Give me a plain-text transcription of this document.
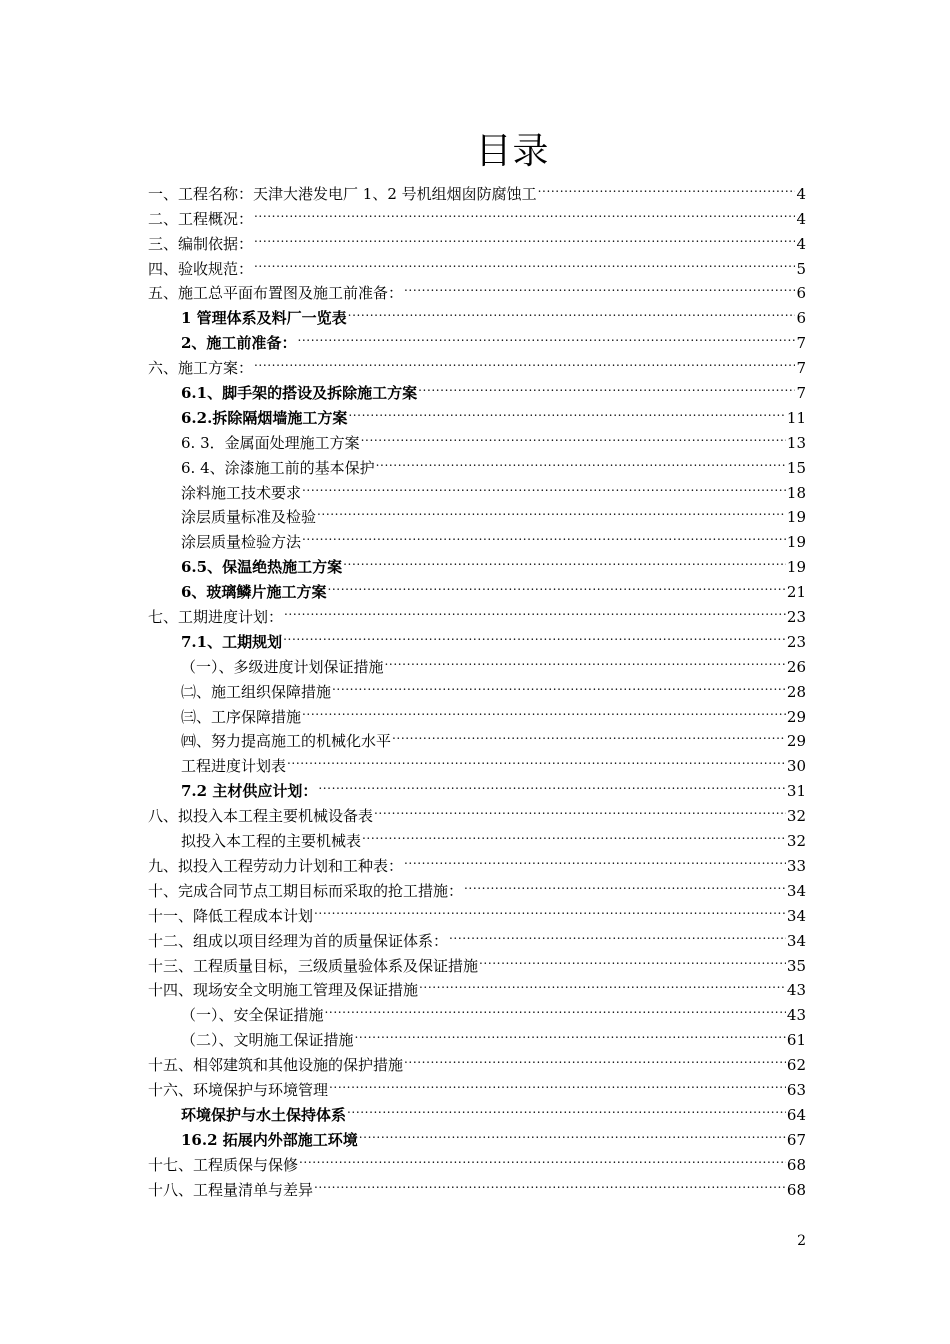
目录
一、工程名称：天津大港发电厂 1、2 号机组烟囱防腐蚀工 .....	4
二、工程概况： .....	4
三、编制依据： .....	4
四、验收规范： .....	5
五、施工总平面布置图及施工前准备： .....	6
1 管理体系及料厂一览表 .....	6
2、施工前准备： .....	7
六、施工方案： .....	7
6.1、脚手架的搭设及拆除施工方案 .....	7
6.2.拆除隔烟墙施工方案 .....	11
6. 3．金属面处理施工方案 .....	13
6. 4、涂漆施工前的基本保护 .....	15
涂料施工技术要求 .....	18
涂层质量标准及检验 .....	19
涂层质量检验方法 .....	19
6.5、保温绝热施工方案 .....	19
6、玻璃鳞片施工方案 .....	21
七、工期进度计划： .....	23
7.1、工期规划 .....	23
（一）、多级进度计划保证措施 .....	26
㈡、施工组织保障措施 .....	28
㈢、工序保障措施 .....	29
㈣、努力提高施工的机械化水平 .....	29
工程进度计划表 .....	30
7.2 主材供应计划： .....	31
八、拟投入本工程主要机械设备表 .....	32
拟投入本工程的主要机械表 .....	32
九、拟投入工程劳动力计划和工种表： .....	33
十、完成合同节点工期目标而采取的抢工措施： .....	34
十一、降低工程成本计划 .....	34
十二、组成以项目经理为首的质量保证体系： .....	34
十三、工程质量目标，三级质量验体系及保证措施 .....	35
十四、现场安全文明施工管理及保证措施 .....	43
（一）、安全保证措施 .....	43
（二）、文明施工保证措施 .....	61
十五、相邻建筑和其他设施的保护措施 .....	62
十六、环境保护与环境管理 .....	63
环境保护与水土保持体系 .....	64
16.2 拓展内外部施工环境 .....	67
十七、工程质保与保修 .....	68
十八、工程量清单与差异 .....	68
2
